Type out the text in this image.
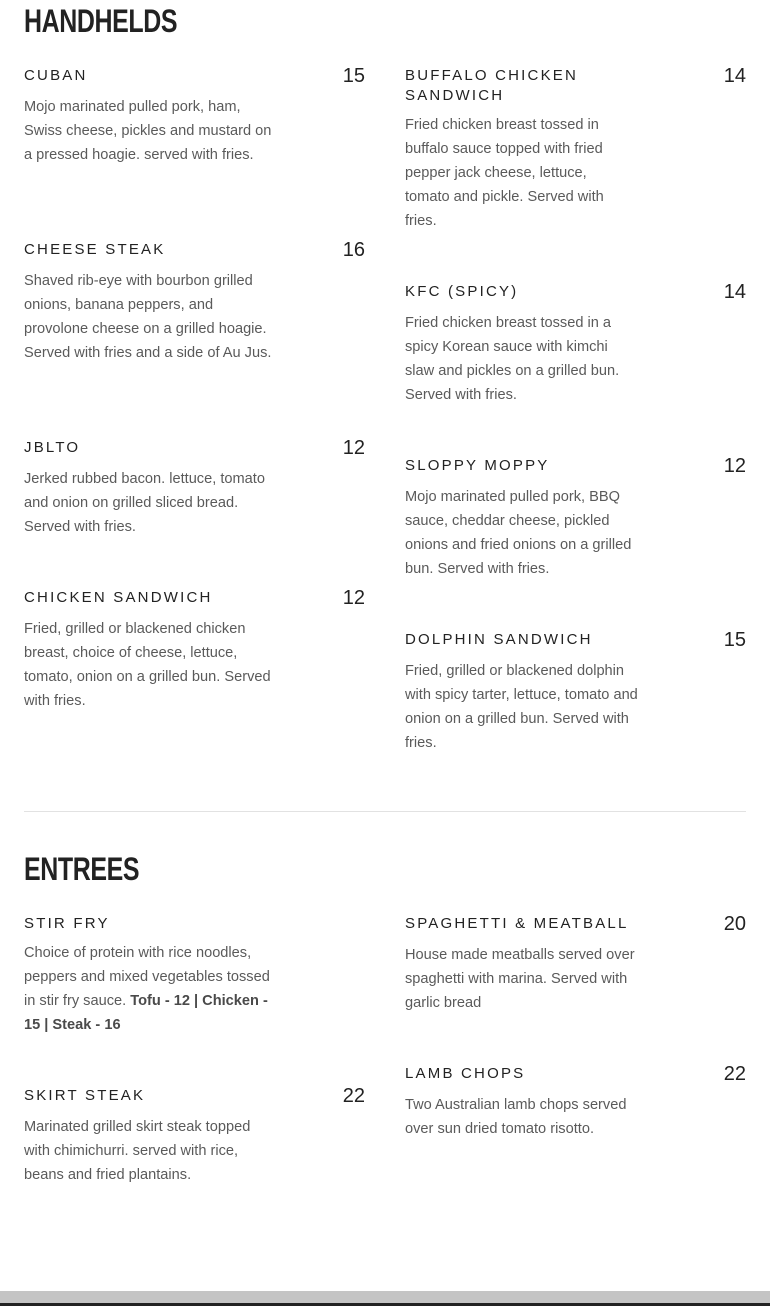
HANDHELDS
CUBAN	15
Mojo marinated pulled pork, ham, Swiss cheese, pickles and mustard on a pressed hoagie. served with fries.
CHEESE STEAK	16
Shaved rib-eye with bourbon grilled onions, banana peppers, and provolone cheese on a grilled hoagie. Served with fries and a side of Au Jus.
JBLTO	12
Jerked rubbed bacon. lettuce, tomato and onion on grilled sliced bread. Served with fries.
CHICKEN SANDWICH	12
Fried, grilled or blackened chicken breast, choice of cheese, lettuce, tomato, onion on a grilled bun. Served with fries.
BUFFALO CHICKEN SANDWICH
14
Fried chicken breast tossed in buffalo sauce topped with fried pepper jack cheese, lettuce, tomato and pickle. Served with fries.
KFC (SPICY)	14
Fried chicken breast tossed in a spicy Korean sauce with kimchi slaw and pickles on a grilled bun. Served with fries.
SLOPPY MOPPY	12
Mojo marinated pulled pork, BBQ sauce, cheddar cheese, pickled onions and fried onions on a grilled bun. Served with fries.
DOLPHIN SANDWICH	15
Fried, grilled or blackened dolphin with spicy tarter, lettuce, tomato and onion on a grilled bun. Served with fries.
ENTREES
STIR FRY
Choice of protein with rice noodles, peppers and mixed vegetables tossed in stir fry sauce. Tofu - 12 | Chicken - 15 | Steak - 16
SKIRT STEAK	22
Marinated grilled skirt steak topped with chimichurri. served with rice, beans and fried plantains.
SPAGHETTI & MEATBALL	20
House made meatballs served over spaghetti with marina. Served with garlic bread
LAMB CHOPS	22
Two Australian lamb chops served over sun dried tomato risotto.
